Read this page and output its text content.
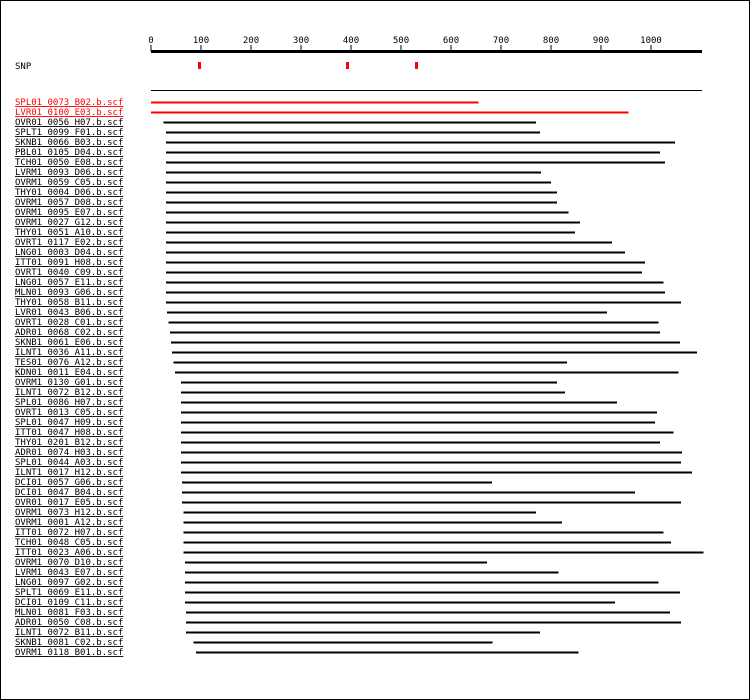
0	100	200	300	400	500	600	700	800	900	1000
SNP
SPL01_0073_B02.b.scf
LVR01_0100_E03.b.scf
OVR01_0056_H07.b.scf
SPLT1_0099_F01.b.scf
SKNB1_0066_B03.b.scf
PBL01_0105_D04.b.scf
TCH01_0050_E08.b.scf
LVRM1_0093_D06.b.scf
OVRM1_0059_C05.b.scf
THY01_0004_D06.b.scf
OVRM1_0057_D08.b.scf
OVRM1_0095_E07.b.scf
OVRM1_0027_G12.b.scf
THY01_0051_A10.b.scf
OVRT1_0117_E02.b.scf
LNG01_0003_D04.b.scf
ITT01_0091_H08.b.scf
OVRT1_0040_C09.b.scf
LNG01_0057_E11.b.scf
MLN01_0093_G06.b.scf
THY01_0058_B11.b.scf
LVR01_0043_B06.b.scf
OVRT1_0028_C01.b.scf
ADR01_0068_C02.b.scf
SKNB1_0061_E06.b.scf
ILNT1_0036_A11.b.scf
TES01_0076_A12.b.scf
KDN01_0011_E04.b.scf
OVRM1_0130_G01.b.scf
ILNT1_0072_B12.b.scf
SPL01_0086_H07.b.scf
OVRT1_0013_C05.b.scf
SPL01_0047_H09.b.scf
ITT01_0047_H08.b.scf
THY01_0201_B12.b.scf
ADR01_0074_H03.b.scf
SPL01_0044_A03.b.scf
ILNT1_0017_H12.b.scf
DCI01_0057_G06.b.scf
DCI01_0047_B04.b.scf
OVR01_0017_E05.b.scf
OVRM1_0073_H12.b.scf
OVRM1_0001_A12.b.scf
ITT01_0072_H07.b.scf
TCH01_0048_C05.b.scf
ITT01_0023_A06.b.scf
OVRM1_0070_D10.b.scf
LVRM1_0043_E07.b.scf
LNG01_0097_G02.b.scf
SPLT1_0069_E11.b.scf
DCI01_0109_C11.b.scf
MLN01_0081_F03.b.scf
ADR01_0050_C08.b.scf
ILNT1_0072_B11.b.scf
SKNB1_0081_C02.b.scf
OVRM1_0118_B01.b.scf
